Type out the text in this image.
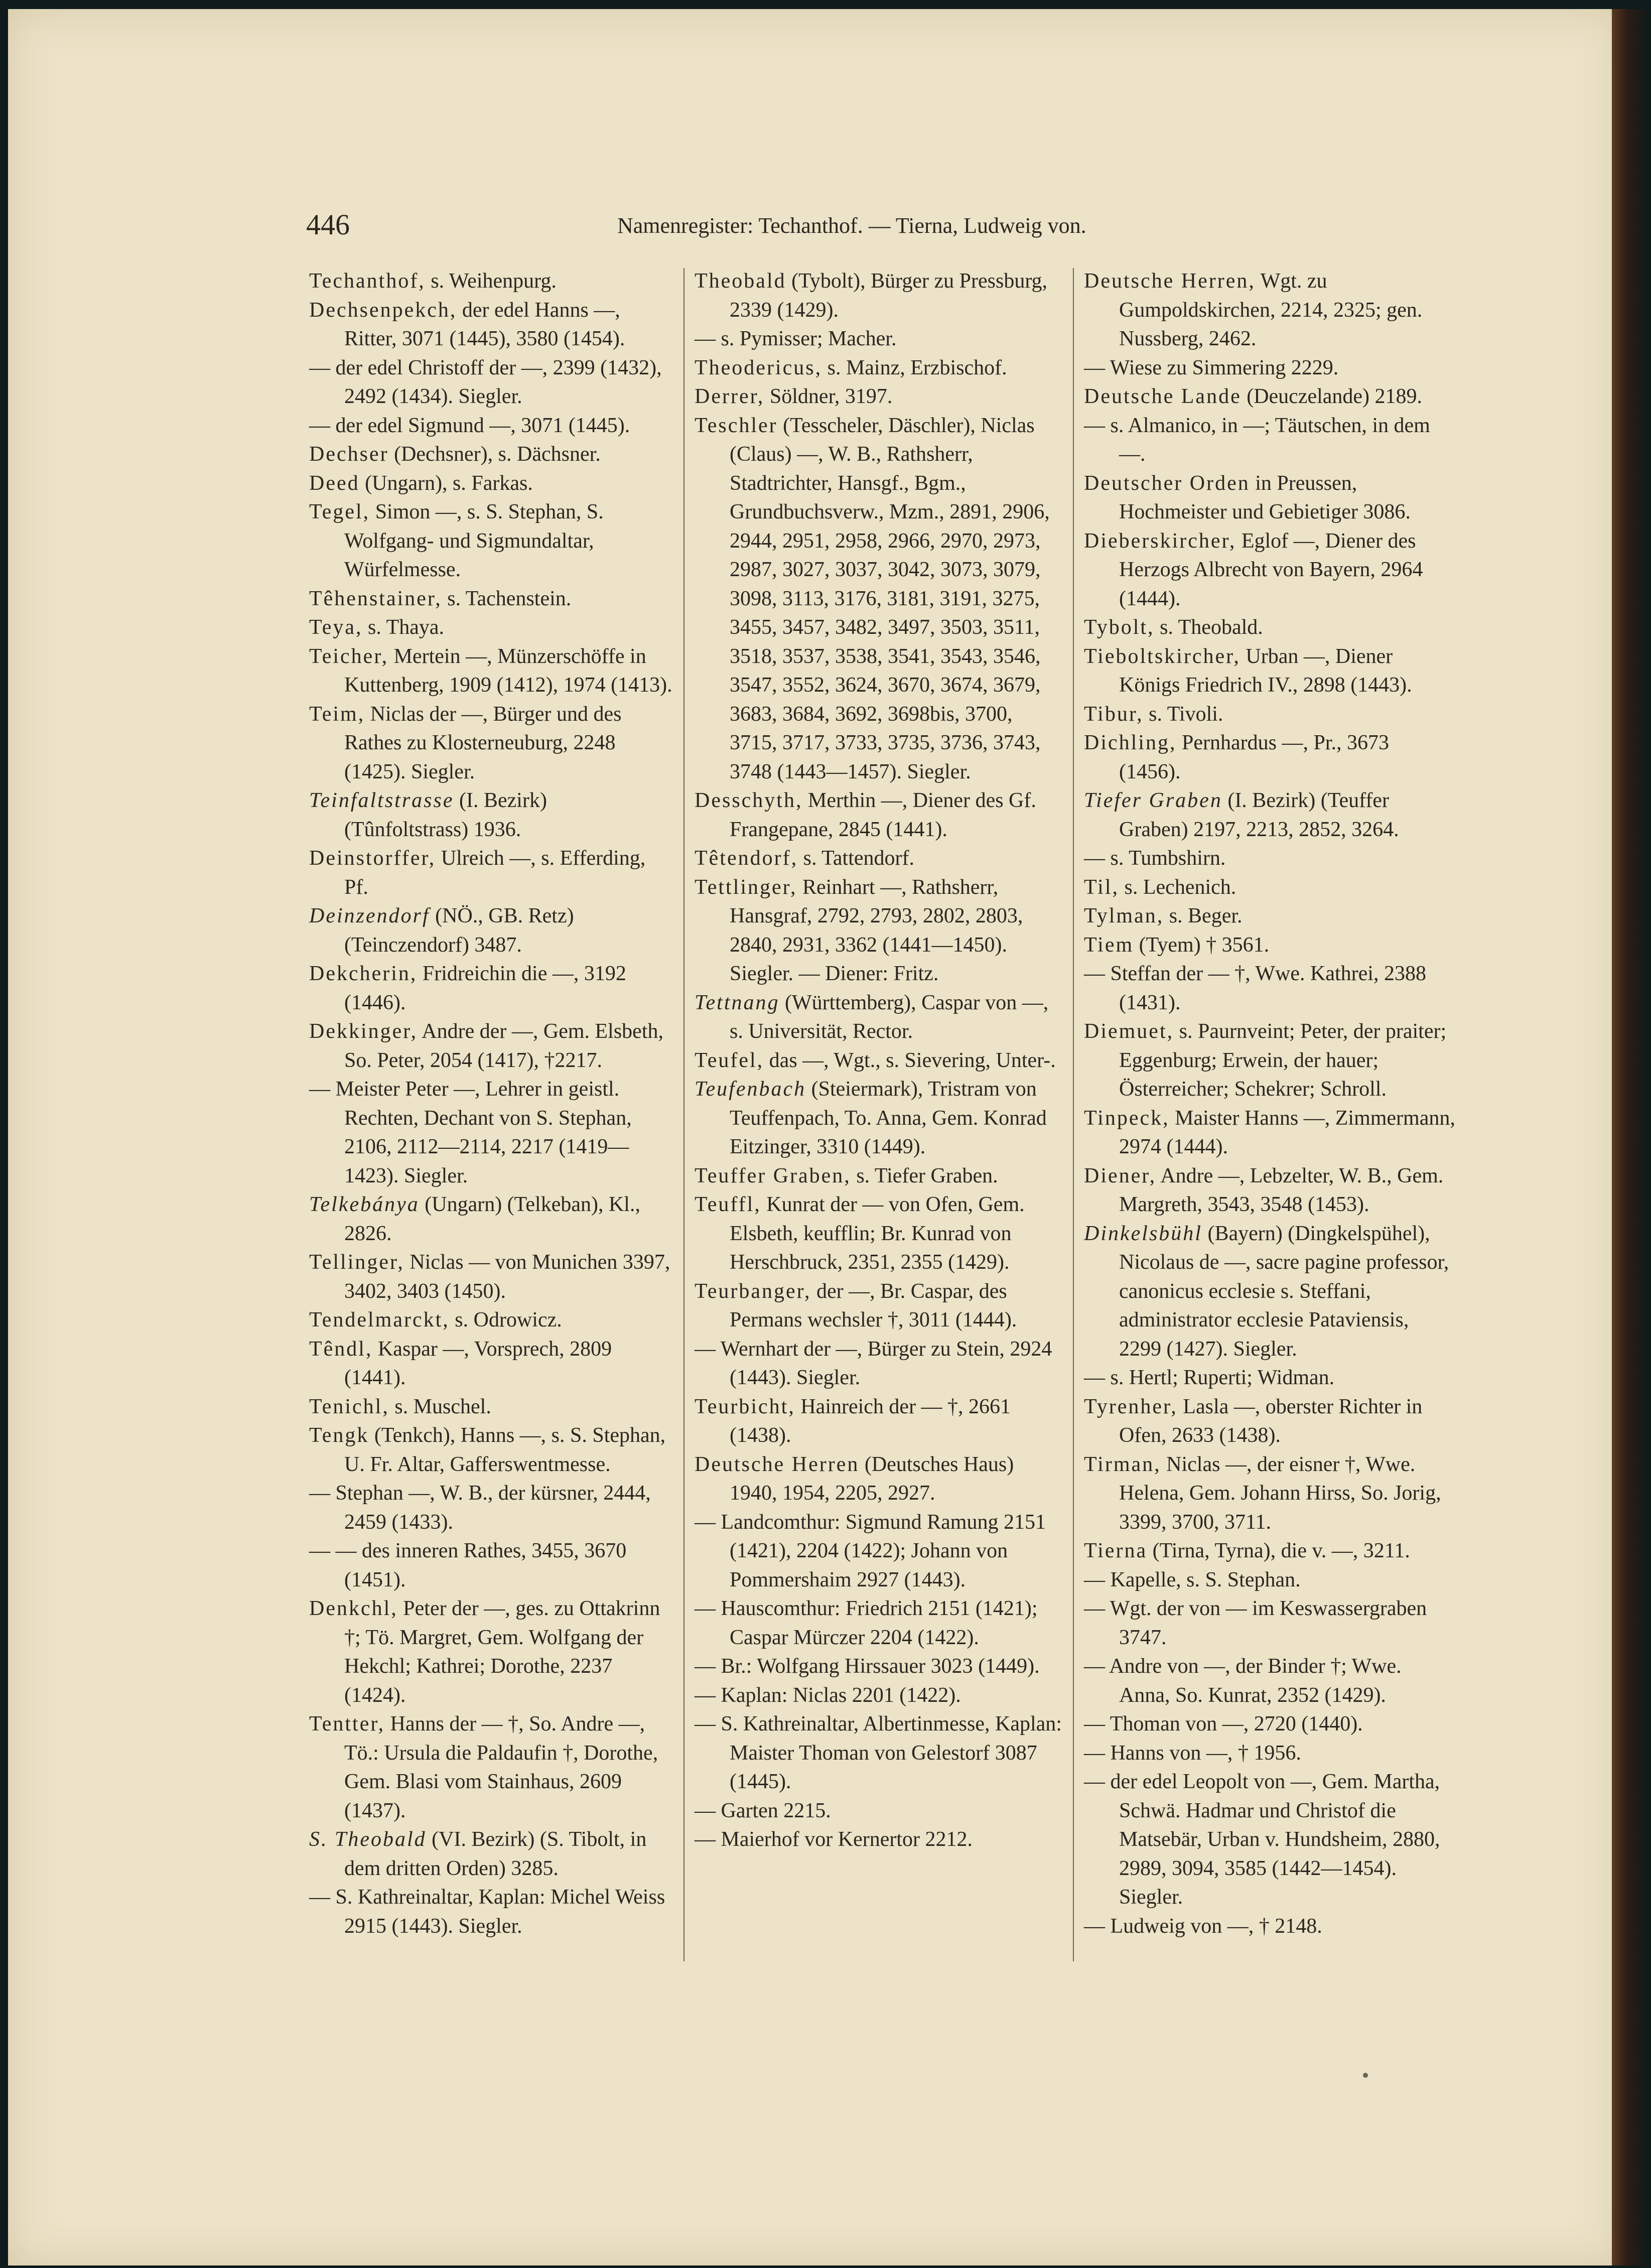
446	Namenregister: Techanthof. — Tierna, Ludweig von.

Techanthof, s. Weihenpurg.

Dechsenpekch, der edel Hanns —, Ritter, 3071 (1445), 3580 (1454).

— der edel Christoff der —, 2399 (1432), 2492 (1434). Siegler.

— der edel Sigmund —, 3071 (1445).

Dechser (Dechsner), s. Dächsner.

Deed (Ungarn), s. Farkas.

Tegel, Simon —, s. S. Stephan, S. Wolfgang- und Sigmundaltar, Würfelmesse.

Têhenstainer, s. Tachenstein.

Teya, s. Thaya.

Teicher, Mertein —, Münzerschöffe in Kuttenberg, 1909 (1412), 1974 (1413).

Teim, Niclas der —, Bürger und des Rathes zu Klosterneuburg, 2248 (1425). Siegler.

Teinfaltstrasse (I. Bezirk) (Tûnfoltstrass) 1936.

Deinstorffer, Ulreich —, s. Efferding, Pf.

Deinzendorf (NÖ., GB. Retz) (Teinczendorf) 3487.

Dekcherin, Fridreichin die —, 3192 (1446).

Dekkinger, Andre der —, Gem. Elsbeth, So. Peter, 2054 (1417), †2217.

— Meister Peter —, Lehrer in geistl. Rechten, Dechant von S. Stephan, 2106, 2112—2114, 2217 (1419—1423). Siegler.

Telkebánya (Ungarn) (Telkeban), Kl., 2826.

Tellinger, Niclas — von Munichen 3397, 3402, 3403 (1450).

Tendelmarckt, s. Odrowicz.

Têndl, Kaspar —, Vorsprech, 2809 (1441).

Tenichl, s. Muschel.

Tengk (Tenkch), Hanns —, s. S. Stephan, U. Fr. Altar, Gafferswentmesse.

— Stephan —, W. B., der kürsner, 2444, 2459 (1433).

— — des inneren Rathes, 3455, 3670 (1451).

Denkchl, Peter der —, ges. zu Ottakrinn †; Tö. Margret, Gem. Wolfgang der Hekchl; Kathrei; Dorothe, 2237 (1424).

Tentter, Hanns der — †, So. Andre —, Tö.: Ursula die Paldaufin †, Dorothe, Gem. Blasi vom Stainhaus, 2609 (1437).

S. Theobald (VI. Bezirk) (S. Tibolt, in dem dritten Orden) 3285.

— S. Kathreinaltar, Kaplan: Michel Weiss 2915 (1443). Siegler.

Theobald (Tybolt), Bürger zu Pressburg, 2339 (1429).

— s. Pymisser; Macher.

Theodericus, s. Mainz, Erzbischof.

Derrer, Söldner, 3197.

Teschler (Tesscheler, Däschler), Niclas (Claus) —, W. B., Rathsherr, Stadtrichter, Hansgf., Bgm., Grundbuchsverw., Mzm., 2891, 2906, 2944, 2951, 2958, 2966, 2970, 2973, 2987, 3027, 3037, 3042, 3073, 3079, 3098, 3113, 3176, 3181, 3191, 3275, 3455, 3457, 3482, 3497, 3503, 3511, 3518, 3537, 3538, 3541, 3543, 3546, 3547, 3552, 3624, 3670, 3674, 3679, 3683, 3684, 3692, 3698bis, 3700, 3715, 3717, 3733, 3735, 3736, 3743, 3748 (1443—1457). Siegler.

Desschyth, Merthin —, Diener des Gf. Frangepane, 2845 (1441).

Têtendorf, s. Tattendorf.

Tettlinger, Reinhart —, Rathsherr, Hansgraf, 2792, 2793, 2802, 2803, 2840, 2931, 3362 (1441—1450). Siegler. — Diener: Fritz.

Tettnang (Württemberg), Caspar von —, s. Universität, Rector.

Teufel, das —, Wgt., s. Sievering, Unter-.

Teufenbach (Steiermark), Tristram von Teuffenpach, To. Anna, Gem. Konrad Eitzinger, 3310 (1449).

Teuffer Graben, s. Tiefer Graben.

Teuffl, Kunrat der — von Ofen, Gem. Elsbeth, keufflin; Br. Kunrad von Herschbruck, 2351, 2355 (1429).

Teurbanger, der —, Br. Caspar, des Permans wechsler †, 3011 (1444).

— Wernhart der —, Bürger zu Stein, 2924 (1443). Siegler.

Teurbicht, Hainreich der — †, 2661 (1438).

Deutsche Herren (Deutsches Haus) 1940, 1954, 2205, 2927.

— Landcomthur: Sigmund Ramung 2151 (1421), 2204 (1422); Johann von Pommershaim 2927 (1443).

— Hauscomthur: Friedrich 2151 (1421); Caspar Mürczer 2204 (1422).

— Br.: Wolfgang Hirssauer 3023 (1449).

— Kaplan: Niclas 2201 (1422).

— S. Kathreinaltar, Albertinmesse, Kaplan: Maister Thoman von Gelestorf 3087 (1445).

— Garten 2215.

— Maierhof vor Kernertor 2212.

Deutsche Herren, Wgt. zu Gumpoldskirchen, 2214, 2325; gen. Nussberg, 2462.

— Wiese zu Simmering 2229.

Deutsche Lande (Deuczelande) 2189.

— s. Almanico, in —; Täutschen, in dem —.

Deutscher Orden in Preussen, Hochmeister und Gebietiger 3086.

Dieberskircher, Eglof —, Diener des Herzogs Albrecht von Bayern, 2964 (1444).

Tybolt, s. Theobald.

Tieboltskircher, Urban —, Diener Königs Friedrich IV., 2898 (1443).

Tibur, s. Tivoli.

Dichling, Pernhardus —, Pr., 3673 (1456).

Tiefer Graben (I. Bezirk) (Teuffer Graben) 2197, 2213, 2852, 3264.

— s. Tumbshirn.

Til, s. Lechenich.

Tylman, s. Beger.

Tiem (Tyem) † 3561.

— Steffan der — †, Wwe. Kathrei, 2388 (1431).

Diemuet, s. Paurnveint; Peter, der praiter; Eggenburg; Erwein, der hauer; Österreicher; Schekrer; Schroll.

Tinpeck, Maister Hanns —, Zimmermann, 2974 (1444).

Diener, Andre —, Lebzelter, W. B., Gem. Margreth, 3543, 3548 (1453).

Dinkelsbühl (Bayern) (Dingkelspühel), Nicolaus de —, sacre pagine professor, canonicus ecclesie s. Steffani, administrator ecclesie Pataviensis, 2299 (1427). Siegler.

— s. Hertl; Ruperti; Widman.

Tyrenher, Lasla —, oberster Richter in Ofen, 2633 (1438).

Tirman, Niclas —, der eisner †, Wwe. Helena, Gem. Johann Hirss, So. Jorig, 3399, 3700, 3711.

Tierna (Tirna, Tyrna), die v. —, 3211.

— Kapelle, s. S. Stephan.

— Wgt. der von — im Keswassergraben 3747.

— Andre von —, der Binder †; Wwe. Anna, So. Kunrat, 2352 (1429).

— Thoman von —, 2720 (1440).

— Hanns von —, † 1956.

— der edel Leopolt von —, Gem. Martha, Schwä. Hadmar und Christof die Matsebär, Urban v. Hundsheim, 2880, 2989, 3094, 3585 (1442—1454). Siegler.

— Ludweig von —, † 2148.
